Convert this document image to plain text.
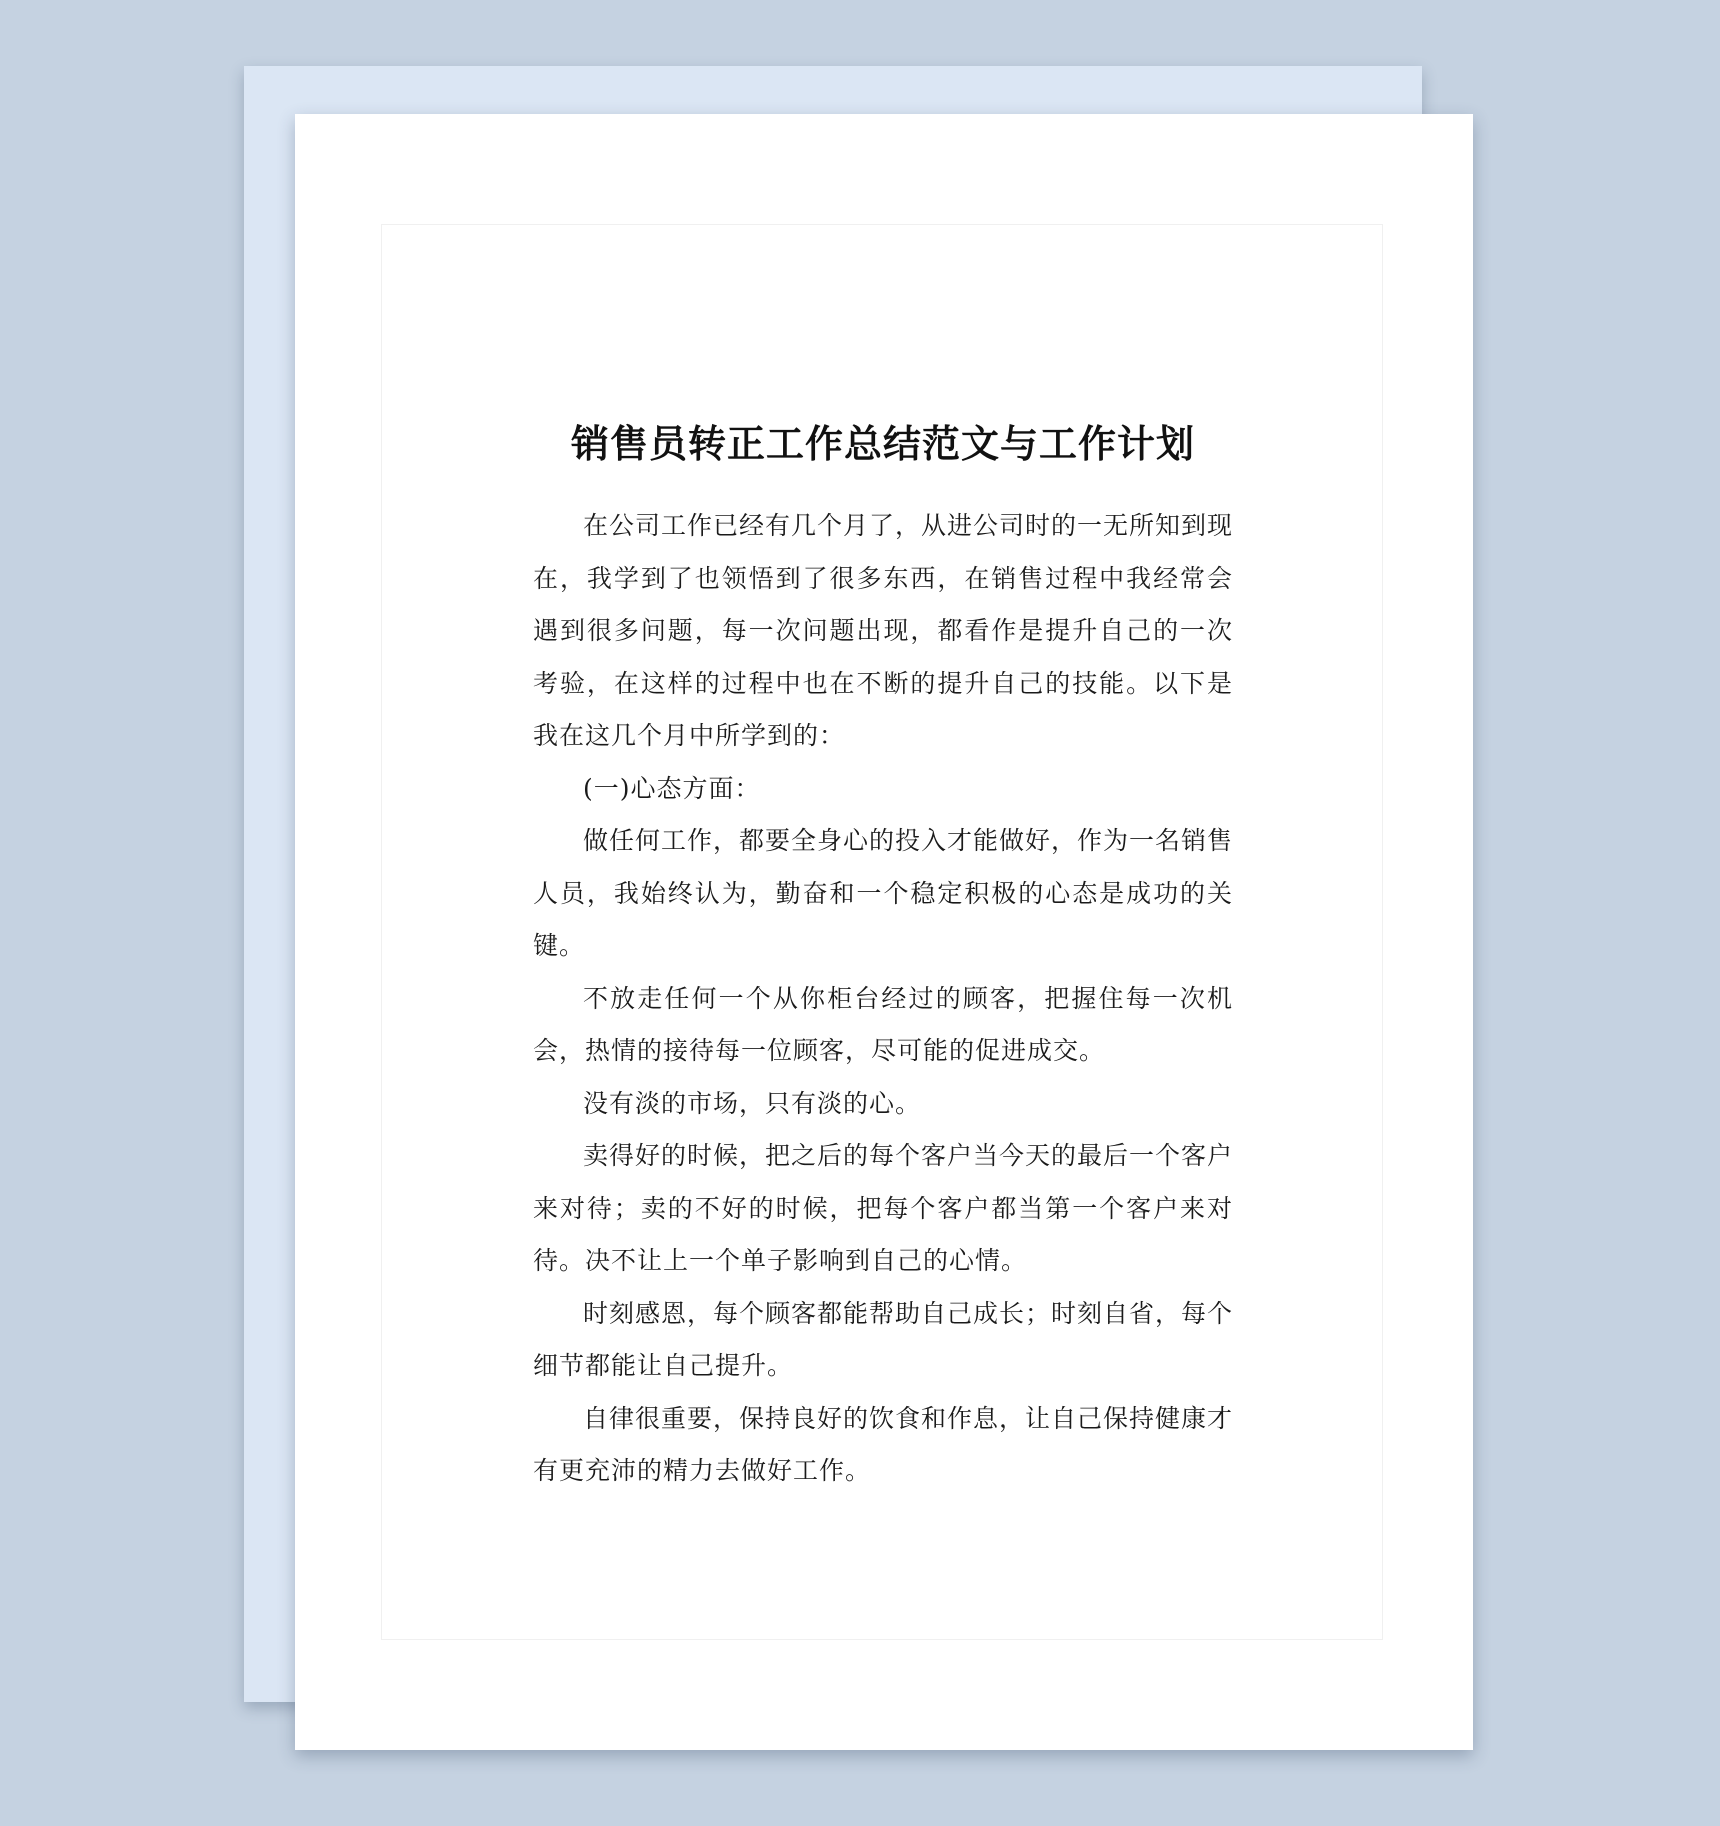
销售员转正工作总结范文与工作计划

在公司工作已经有几个月了，从进公司时的一无所知到现在，我学到了也领悟到了很多东西，在销售过程中我经常会遇到很多问题，每一次问题出现，都看作是提升自己的一次考验，在这样的过程中也在不断的提升自己的技能。以下是我在这几个月中所学到的：

(一)心态方面：

做任何工作，都要全身心的投入才能做好，作为一名销售人员，我始终认为，勤奋和一个稳定积极的心态是成功的关键。

不放走任何一个从你柜台经过的顾客，把握住每一次机会，热情的接待每一位顾客，尽可能的促进成交。

没有淡的市场，只有淡的心。

卖得好的时候，把之后的每个客户当今天的最后一个客户来对待；卖的不好的时候，把每个客户都当第一个客户来对待。决不让上一个单子影响到自己的心情。

时刻感恩，每个顾客都能帮助自己成长；时刻自省，每个细节都能让自己提升。

自律很重要，保持良好的饮食和作息，让自己保持健康才有更充沛的精力去做好工作。
